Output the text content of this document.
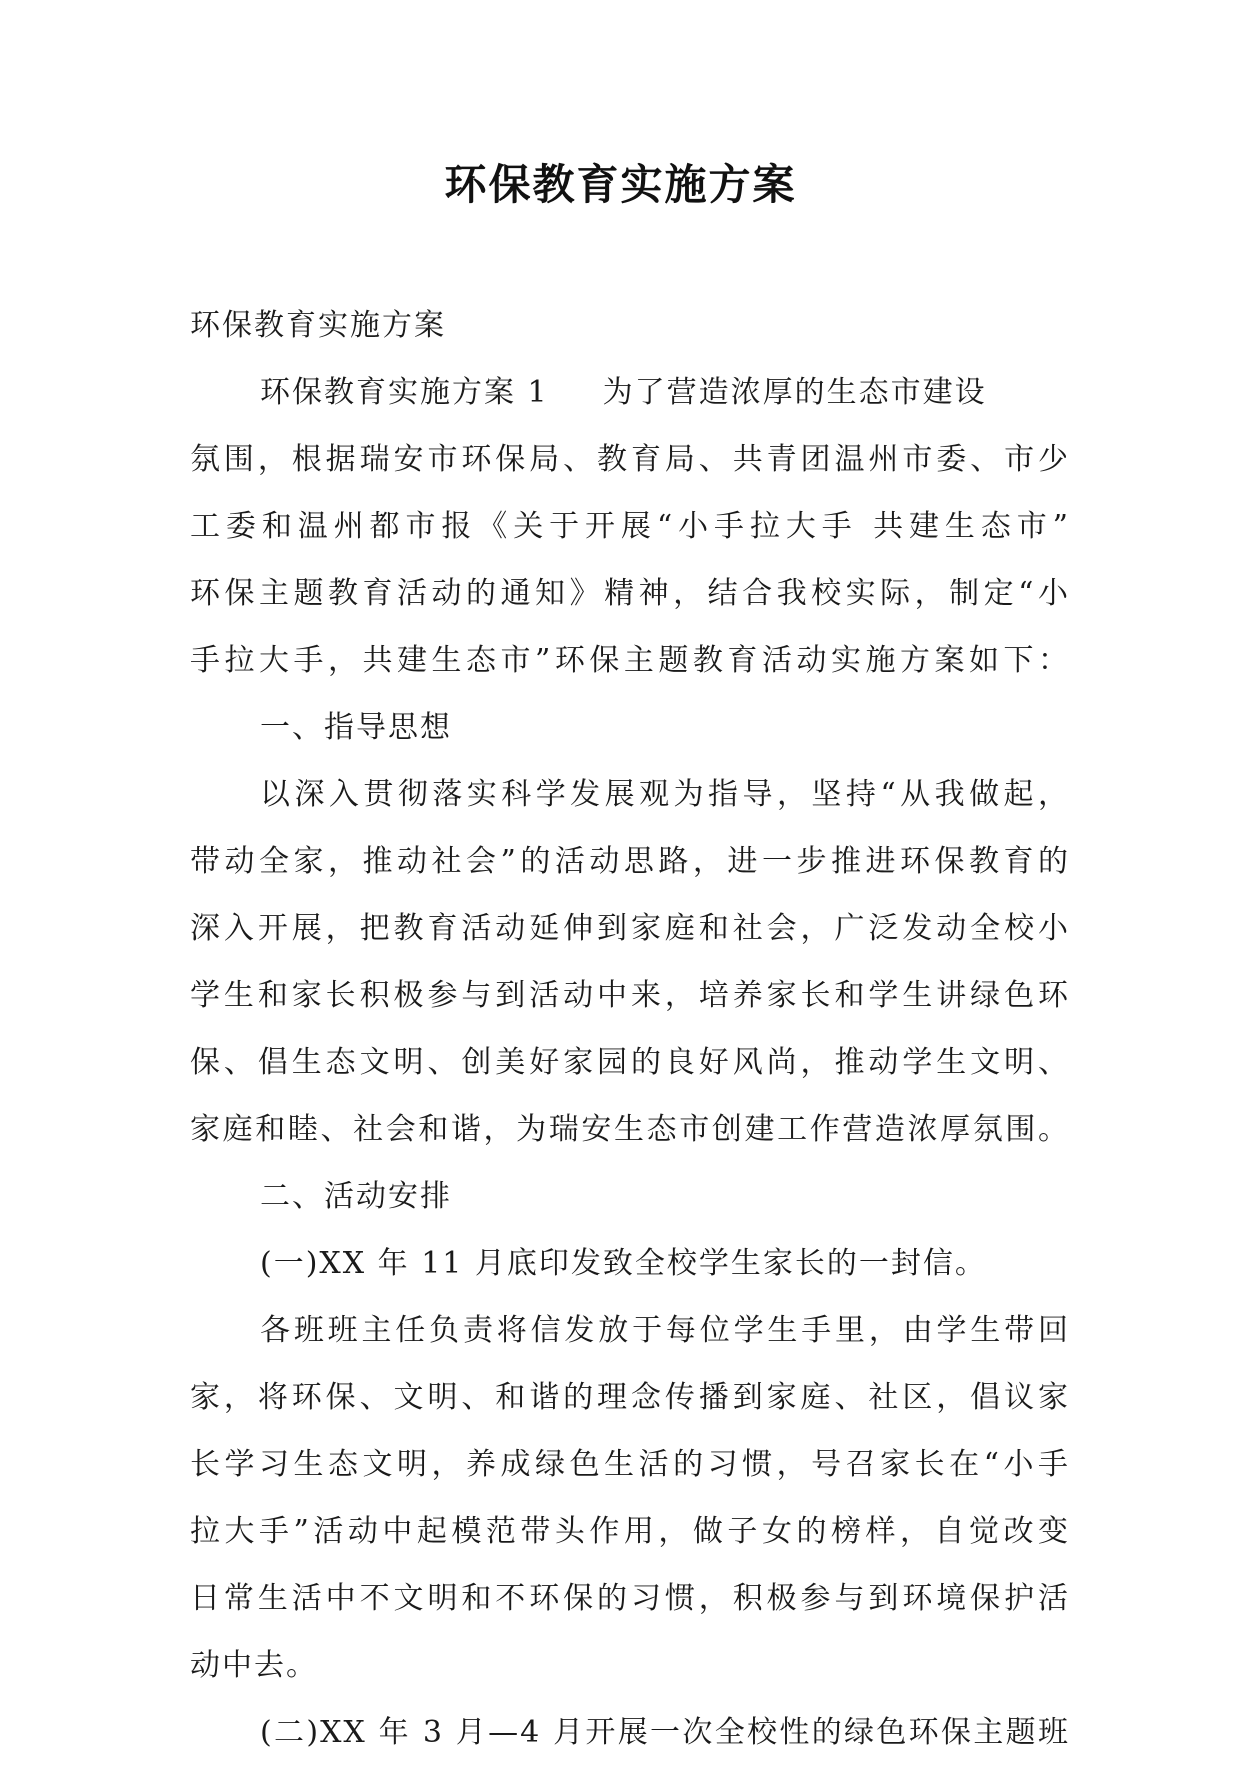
环保教育实施方案
环保教育实施方案
环保教育实施方案 1 为了营造浓厚的生态市建设
氛围，根据瑞安市环保局、教育局、共青团温州市委、市少
工委和温州都市报《关于开展“小手拉大手 共建生态市”
环保主题教育活动的通知》精神，结合我校实际，制定“小
手拉大手，共建生态市”环保主题教育活动实施方案如下：
一、指导思想
以深入贯彻落实科学发展观为指导，坚持“从我做起，
带动全家，推动社会”的活动思路，进一步推进环保教育的
深入开展，把教育活动延伸到家庭和社会，广泛发动全校小
学生和家长积极参与到活动中来，培养家长和学生讲绿色环
保、倡生态文明、创美好家园的良好风尚，推动学生文明、
家庭和睦、社会和谐，为瑞安生态市创建工作营造浓厚氛围。
二、活动安排
(一)XX 年 11 月底印发致全校学生家长的一封信。
各班班主任负责将信发放于每位学生手里，由学生带回
家，将环保、文明、和谐的理念传播到家庭、社区，倡议家
长学习生态文明，养成绿色生活的习惯，号召家长在“小手
拉大手”活动中起模范带头作用，做子女的榜样，自觉改变
日常生活中不文明和不环保的习惯，积极参与到环境保护活
动中去。
(二)XX 年 3 月—4 月开展一次全校性的绿色环保主题班
